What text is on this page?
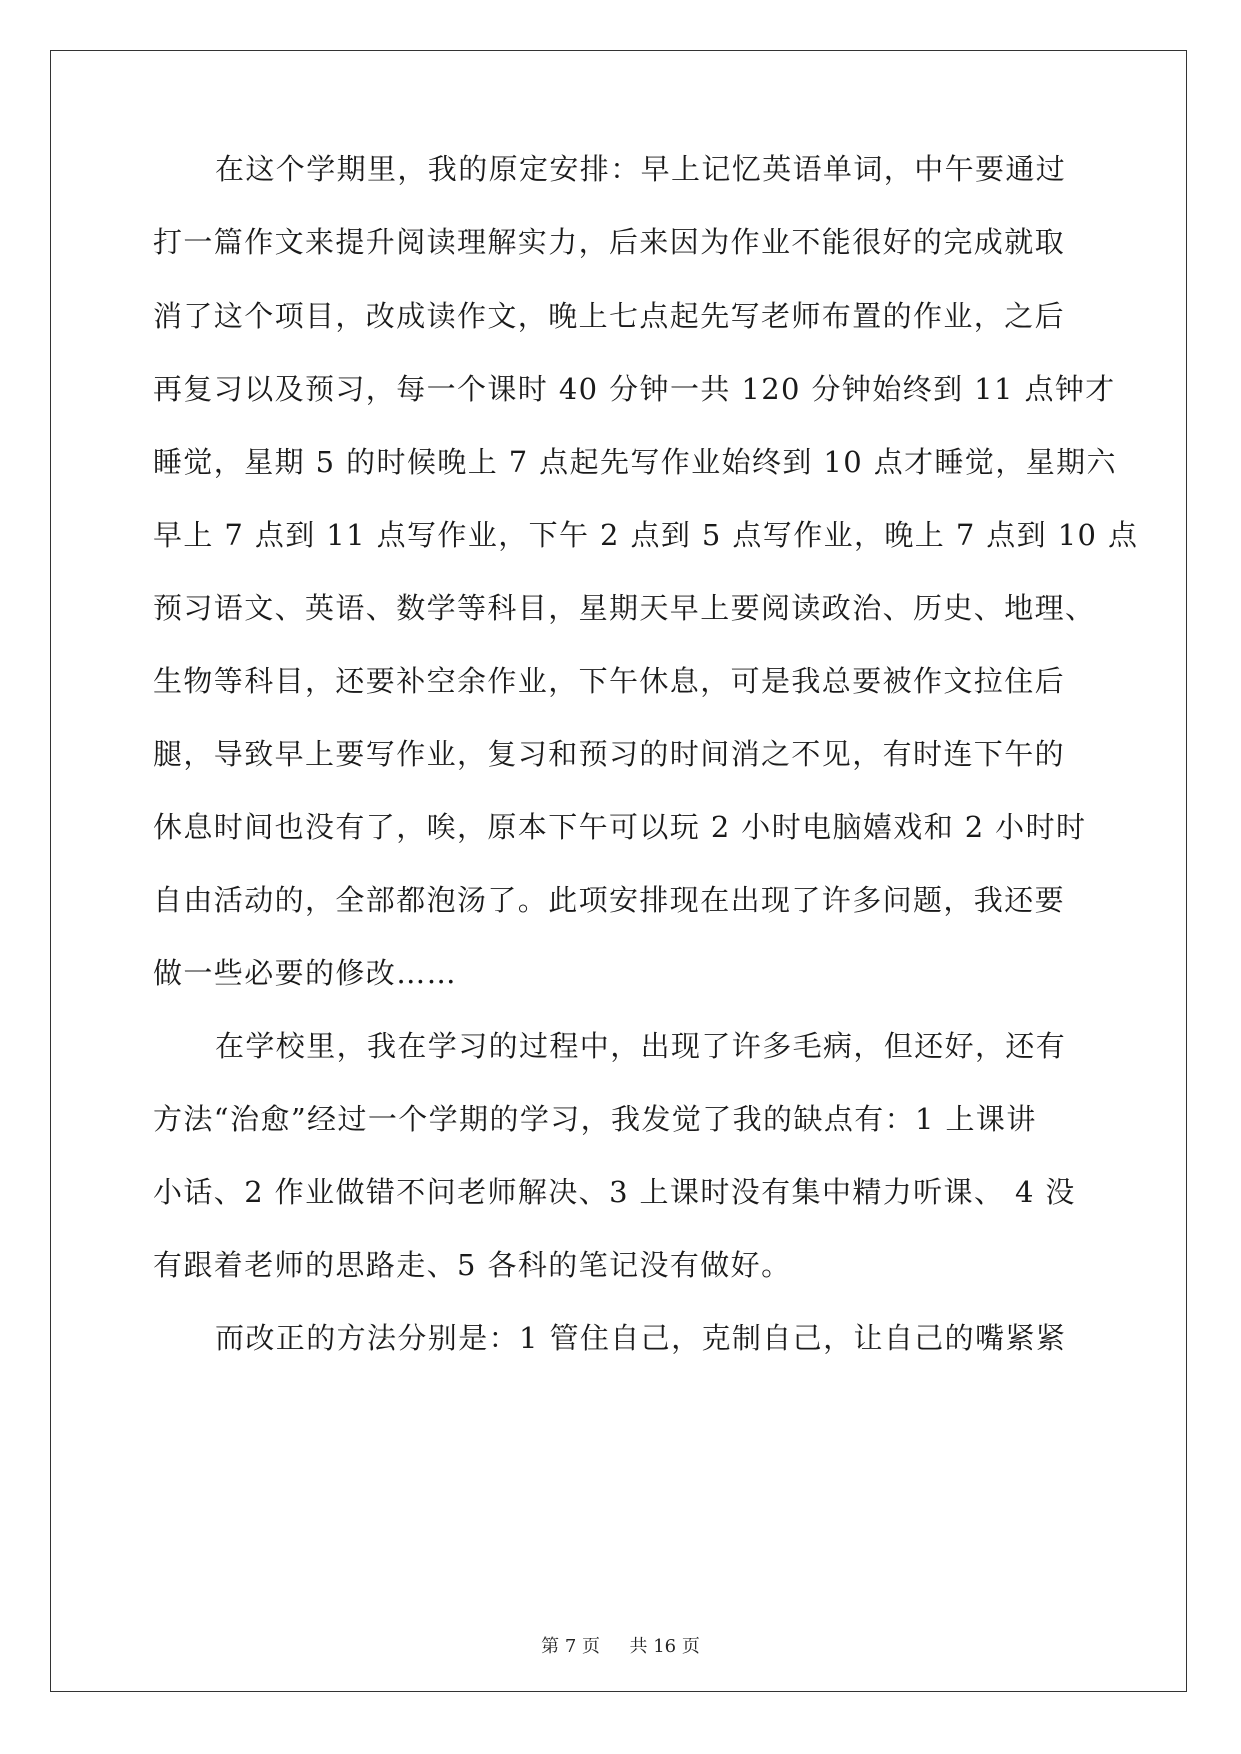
在这个学期里，我的原定安排：早上记忆英语单词，中午要通过
打一篇作文来提升阅读理解实力，后来因为作业不能很好的完成就取
消了这个项目，改成读作文，晚上七点起先写老师布置的作业，之后
再复习以及预习，每一个课时 40 分钟一共 120 分钟始终到 11 点钟才
睡觉，星期 5 的时候晚上 7 点起先写作业始终到 10 点才睡觉，星期六
早上 7 点到 11 点写作业，下午 2 点到 5 点写作业，晚上 7 点到 10 点
预习语文、英语、数学等科目，星期天早上要阅读政治、历史、地理、
生物等科目，还要补空余作业，下午休息，可是我总要被作文拉住后
腿，导致早上要写作业，复习和预习的时间消之不见，有时连下午的
休息时间也没有了，唉，原本下午可以玩 2 小时电脑嬉戏和 2 小时时
自由活动的，全部都泡汤了。此项安排现在出现了许多问题，我还要
做一些必要的修改……
在学校里，我在学习的过程中，出现了许多毛病，但还好，还有
方法“治愈”经过一个学期的学习，我发觉了我的缺点有：1 上课讲
小话、2 作业做错不问老师解决、3 上课时没有集中精力听课、 4 没
有跟着老师的思路走、5 各科的笔记没有做好。
而改正的方法分别是：1 管住自己，克制自己，让自己的嘴紧紧
第 7 页 共 16 页
